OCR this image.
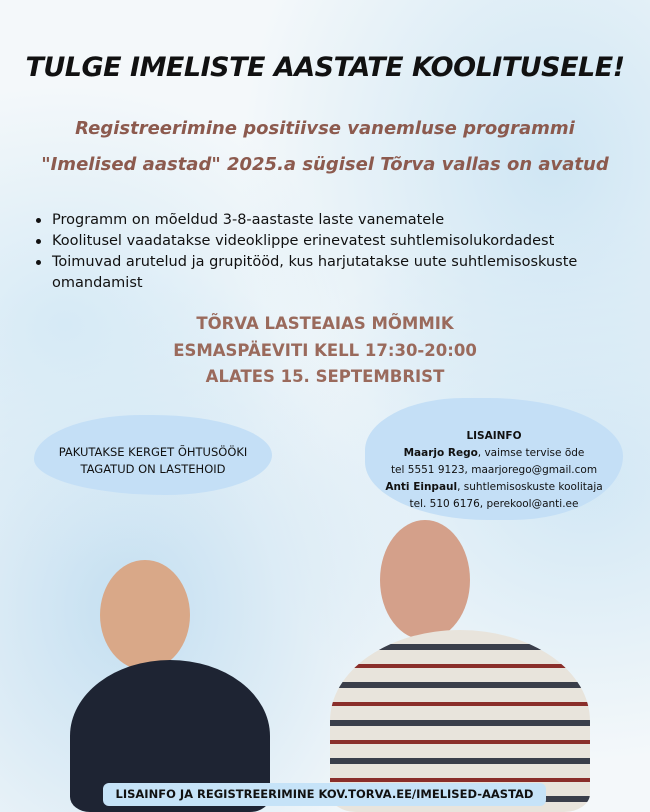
TULGE IMELISTE AASTATE KOOLITUSELE!
Registreerimine positiivse vanemluse programmi
"Imelised aastad" 2025.a sügisel Tõrva vallas on avatud
Programm on mõeldud 3-8-aastaste laste vanematele
Koolitusel vaadatakse videoklippe erinevatest suhtlemisolukordadest
Toimuvad arutelud ja grupitööd, kus harjutatakse uute suhtlemisoskuste omandamist
TÕRVA LASTEAIAS MÕMMIK
ESMASPÄEVITI KELL 17:30-20:00
ALATES 15. SEPTEMBRIST
PAKUTAKSE KERGET ÕHTUSÖÖKI
TAGATUD ON LASTEHOID
LISAINFO
Maarjo Rego, vaimse tervise õde
tel 5551 9123, maarjorego@gmail.com
Anti Einpaul, suhtlemisoskuste koolitaja
tel. 510 6176, perekool@anti.ee
LISAINFO JA REGISTREERIMINE KOV.TORVA.EE/IMELISED-AASTAD
